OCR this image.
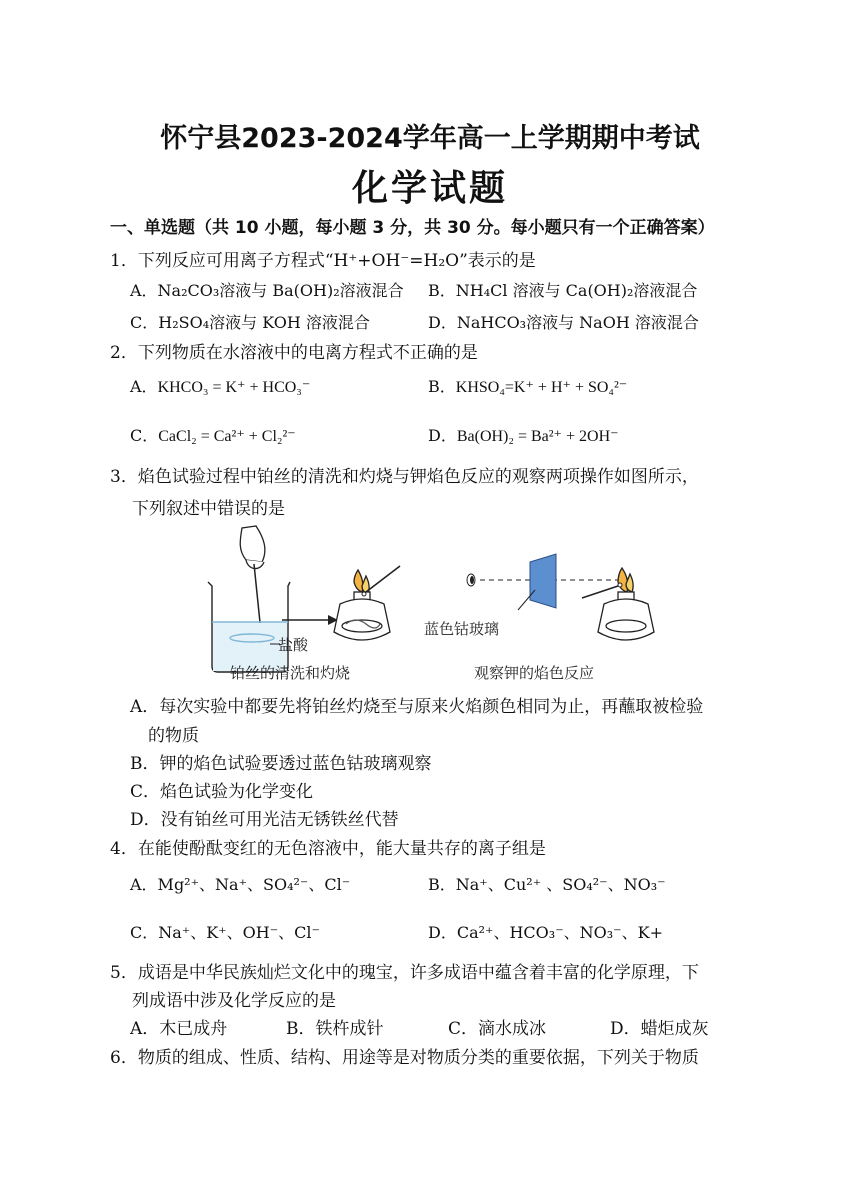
怀宁县2023-2024学年高一上学期期中考试
化学试题
一、单选题（共 10 小题，每小题 3 分，共 30 分。每小题只有一个正确答案）
1．下列反应可用离子方程式“H⁺+OH⁻=H₂O”表示的是
A．Na₂CO₃溶液与 Ba(OH)₂溶液混合 B．NH₄Cl 溶液与 Ca(OH)₂溶液混合
C．H₂SO₄溶液与 KOH 溶液混合	D．NaHCO₃溶液与 NaOH 溶液混合
2．下列物质在水溶液中的电离方程式不正确的是
A．KHCO₃ = K⁺ + HCO₃⁻	B．KHSO₄=K⁺ + H⁺ + SO₄²⁻
C．CaCl₂ = Ca²⁺ + Cl₂²⁻	D．Ba(OH)₂ = Ba²⁺ + 2OH⁻
3．焰色试验过程中铂丝的清洗和灼烧与钾焰色反应的观察两项操作如图所示，
下列叙述中错误的是
盐酸
蓝色钴玻璃
铂丝的清洗和灼烧	观察钾的焰色反应
A．每次实验中都要先将铂丝灼烧至与原来火焰颜色相同为止，再蘸取被检验
的物质
B．钾的焰色试验要透过蓝色钴玻璃观察
C．焰色试验为化学变化
D．没有铂丝可用光洁无锈铁丝代替
4．在能使酚酞变红的无色溶液中，能大量共存的离子组是
A．Mg²⁺、Na⁺、SO₄²⁻、Cl⁻	B．Na⁺、Cu²⁺ 、SO₄²⁻、NO₃⁻
C．Na⁺、K⁺、OH⁻、Cl⁻	D．Ca²⁺、HCO₃⁻、NO₃⁻、K+
5．成语是中华民族灿烂文化中的瑰宝，许多成语中蕴含着丰富的化学原理，下
列成语中涉及化学反应的是
A．木已成舟	B．铁杵成针	C．滴水成冰	D．蜡炬成灰
6．物质的组成、性质、结构、用途等是对物质分类的重要依据，下列关于物质
